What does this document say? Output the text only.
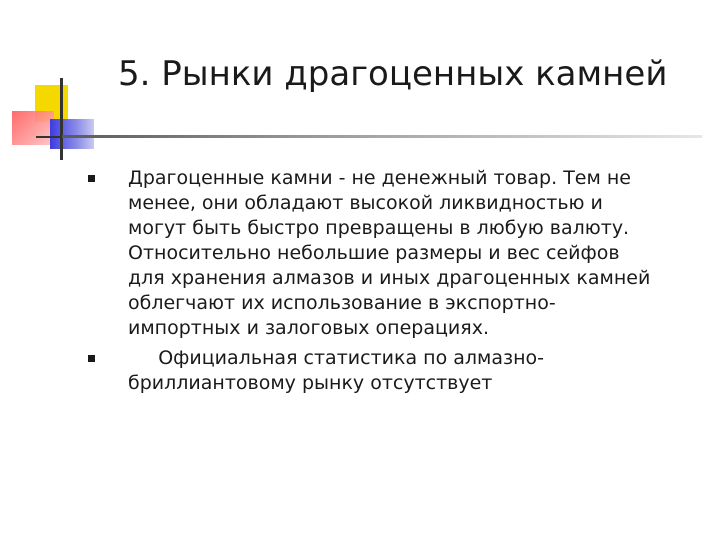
5. Рынки драгоценных камней
Драгоценные камни - не денежный товар. Тем не
менее, они обладают высокой ликвидностью и
могут быть быстро превращены в любую валюту.
Относительно небольшие размеры и вес сейфов
для хранения алмазов и иных драгоценных камней
облегчают их использование в экспортно-
импортных и залоговых операциях.
Официальная статистика по алмазно-
бриллиантовому рынку отсутствует
